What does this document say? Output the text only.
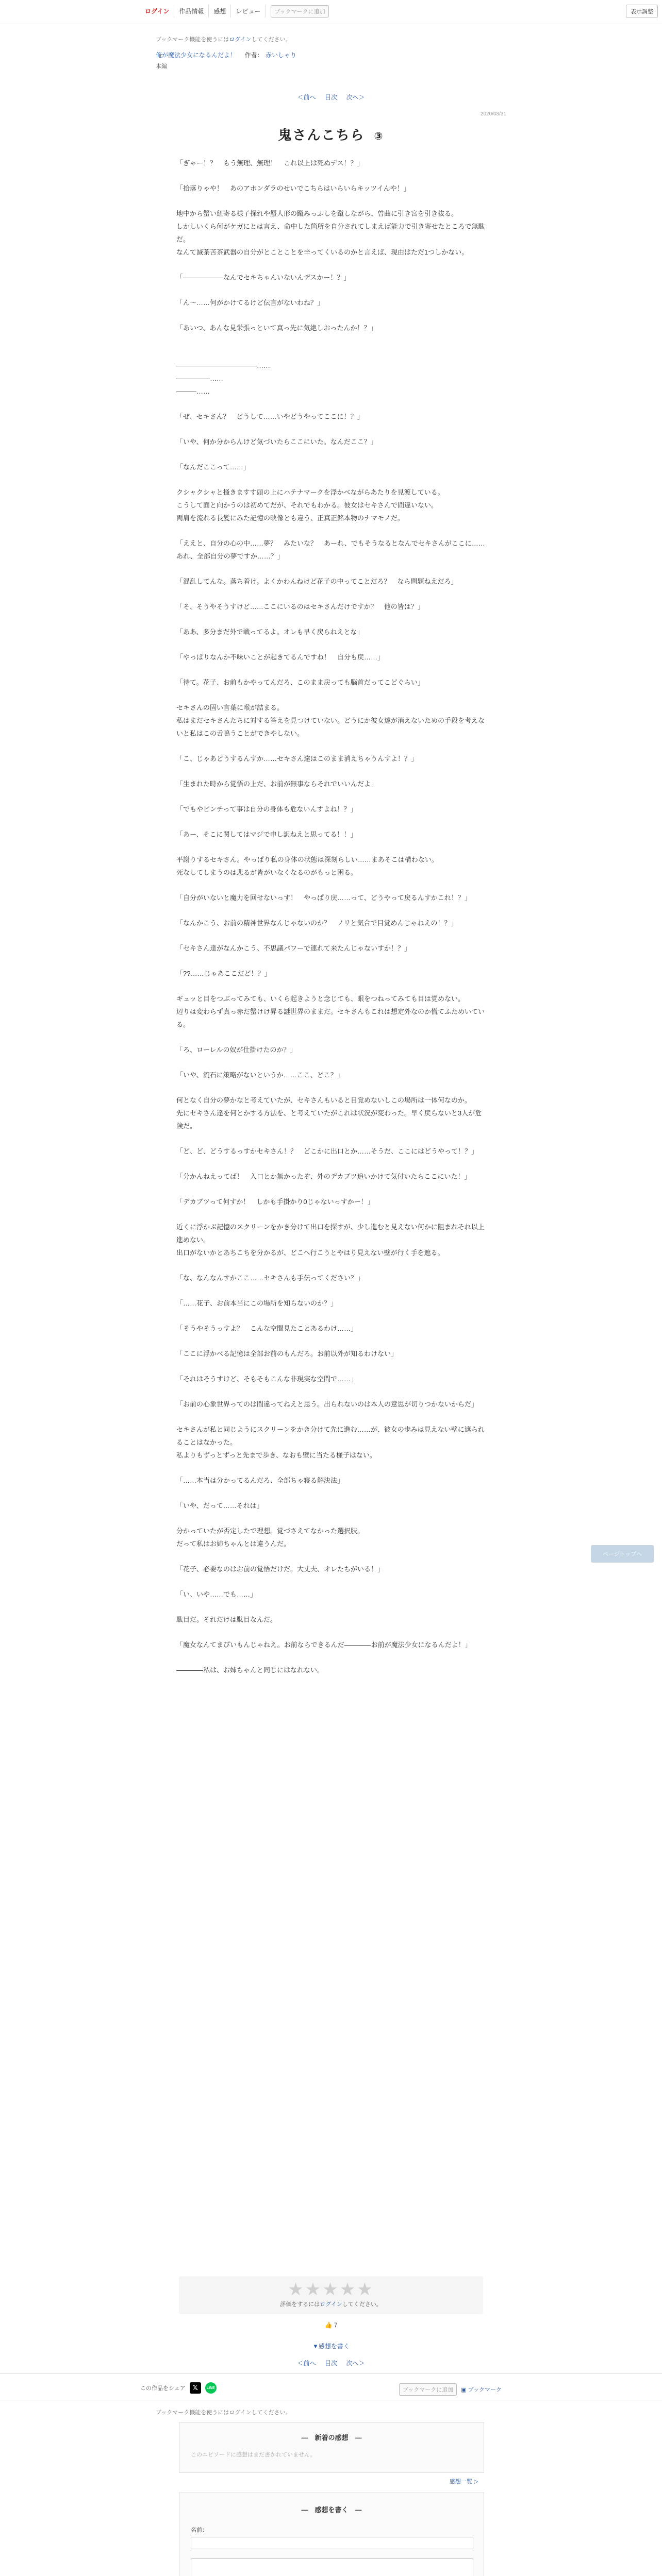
ログイン	作品情報	感想	レビュー	ブックマークに追加	表示調整
ブックマーク機能を使うにはログインしてください。
俺が魔法少女になるんだよ！ 作者： 赤いしゃり
本編
＜前へ 目次 次へ＞
2020/03/31
鬼さんこちら ③

「ぎゃー！？　もう無理、無理！　これ以上は死ぬデス！？」

「拾落りゃや！　あのアホンダラのせいでこちらはいらいらキッツイんや！」

地中から蟹い紐寄る様子探れや蜃人形の蹴みっぷしを蹴しながら、曽曲に引き宮を引き抜る。

しかしいくら何がケガにとは言え、命中した箇所を自分されてしまえば能力で引き寄せたところで無駄だ。

なんて滅茶苦茶武器の自分がとことことを辛ってくいるのかと言えば、現由はただ1つしかない。

「――――――なんでセキちゃんいないんデスかー！？」

「ん〜……何がかけてるけど伝言がないわね？」

「あいつ、あんな見栄張っといて真っ先に気絶しおったんか！？」

――――――――――――……

―――――……

―――……

「ぜ、セキさん？　どうして……いやどうやってここに！？」

「いや、何か分からんけど気づいたらここにいた。なんだここ？」

「なんだここって……」

クシャクシャと掻きますす頭の上にハテナマークを浮かべながらあたりを見渡している。

こうして面と向かうのは初めてだが、それでもわかる。彼女はセキさんで間違いない。

両肩を流れる長髪にみた記憶の映像とも違う、正真正銘本物のナマモノだ。

「ええと、自分の心の中……夢？　みたいな？　あーれ、でもそうなるとなんでセキさんがここに……あれ、全部自分の夢ですか……？」

「混乱してんな。落ち着け。よくかわんねけど花子の中ってことだろ？　なら問題ねえだろ」

「そ、そうやそうすけど……ここにいるのはセキさんだけですか？　他の皆は？」

「ああ、多分まだ外で戦ってるよ。オレも早く戻らねえとな」

「やっぱりなんか不味いことが起きてるんですね！　自分も戻……」

「待て。花子、お前もかやってんだろ、このまま戻っても脳首だってこどぐらい」

セキさんの固い言葉に喉が詰まる。

私はまだセキさんたちに対する答えを見つけていない。どうにか彼女達が消えないための手段を考えないと私はこの舌鳴うことができやしない。

「こ、じゃあどうするんすか……セキさん達はこのまま消えちゃうんすよ！？」

「生まれた時から覚悟の上だ、お前が無事ならそれでいいんだよ」

「でもやピンチって事は自分の身体も危ないんすよね！？」

「あー、そこに関してはマジで申し訳ねえと思ってる！！」

平謝りするセキさん。やっぱり私の身体の状態は深刻らしい……まあそこは構わない。

死なしてしまうのは悲るが皆がいなくなるのがもっと困る。

「自分がいないと魔力を回せないっす！　やっぱり戻……って、どうやって戻るんすかこれ！？」

「なんかこう、お前の精神世界なんじゃないのか？　ノリと気合で目覚めんじゃねえの！？」

「セキさん達がなんかこう、不思議パワーで連れて来たんじゃないすか！？」

「??……じゃあここだど！？」

ギュッと目をつぶってみても、いくら起きようと念じても、眼をつねってみても目は覚めない。

辺りは変わらず真っ赤だ蟹けけ昇る謎世界のままだ。セキさんもこれは想定外なのか慌てふためいている。

「ろ、ローレルの奴が仕掛けたのか？」

「いや、流石に策略がないというか……ここ、どこ？」

何となく自分の夢かなと考えていたが、セキさんもいると目覚めないしこの場所は一体何なのか。

先にセキさん達を何とかする方法を、と考えていたがこれは状況が変わった。早く戻らないと3人が危険だ。

「ど、ど、どうするっすかセキさん！？　どこかに出口とか……そうだ、ここにはどうやって！？」

「分かんねえってば！　入口とか無かったぞ、外のデカブツ追いかけて気付いたらここにいた！」

「デカブツって何すか！　しかも手掛かり0じゃないっすかー！」

近くに浮かぶ記憶のスクリーンをかき分けて出口を探すが、少し進むと見えない何かに阻まれそれ以上進めない。

出口がないかとあちこちを分かるが、どこへ行こうとやはり見えない壁が行く手を遮る。

「な、なんなんすかここ……セキさんも手伝ってください？」

「……花子、お前本当にこの場所を知らないのか？」

「そうやそうっすよ？　こんな空間見たことあるわけ……」

「ここに浮かべる記憶は全部お前のもんだろ。お前以外が知るわけない」

「それはそうすけど、そもそもこんな非現実な空間で……」

「お前の心象世界ってのは間違ってねえと思う。出られないのは本人の意思が切りつかないからだ」

セキさんが私と同じようにスクリーンをかき分けて先に進む……が、彼女の歩みは見えない壁に遮られることはなかった。

私よりもずっとずっと先まで歩き、なおも壁に当たる様子はない。

「……本当は分かってるんだろ、全部ちゃ寝る解決法」

「いや、だって……それは」

分かっていたが否定したで理想。覚づさえてなかった選択肢。

だって私はお姉ちゃんとは違うんだ。

「花子、必要なのはお前の覚悟だけだ。大丈夫、オレたちがいる！」

「い、いや……でも……」

駄目だ。それだけは駄目なんだ。

「魔女なんてまぴいもんじゃねえ。お前ならできるんだ――――お前が魔法少女になるんだよ！」

――――私は、お姉ちゃんと同じにはなれない。

ページトップへ
★★★★★
評価をするにはログインしてください。
👍 7
▼感想を書く
＜前へ 目次 次へ＞
この作品をシェア	𝕏	LINE	ブックマークに追加	▣ ブックマーク
ブックマーク機能を使うにはログインしてください。
―　新着の感想　―
このエピソードに感想はまだ書かれていません。
感想一覧 ▷
―　感想を書く　―
名前：
